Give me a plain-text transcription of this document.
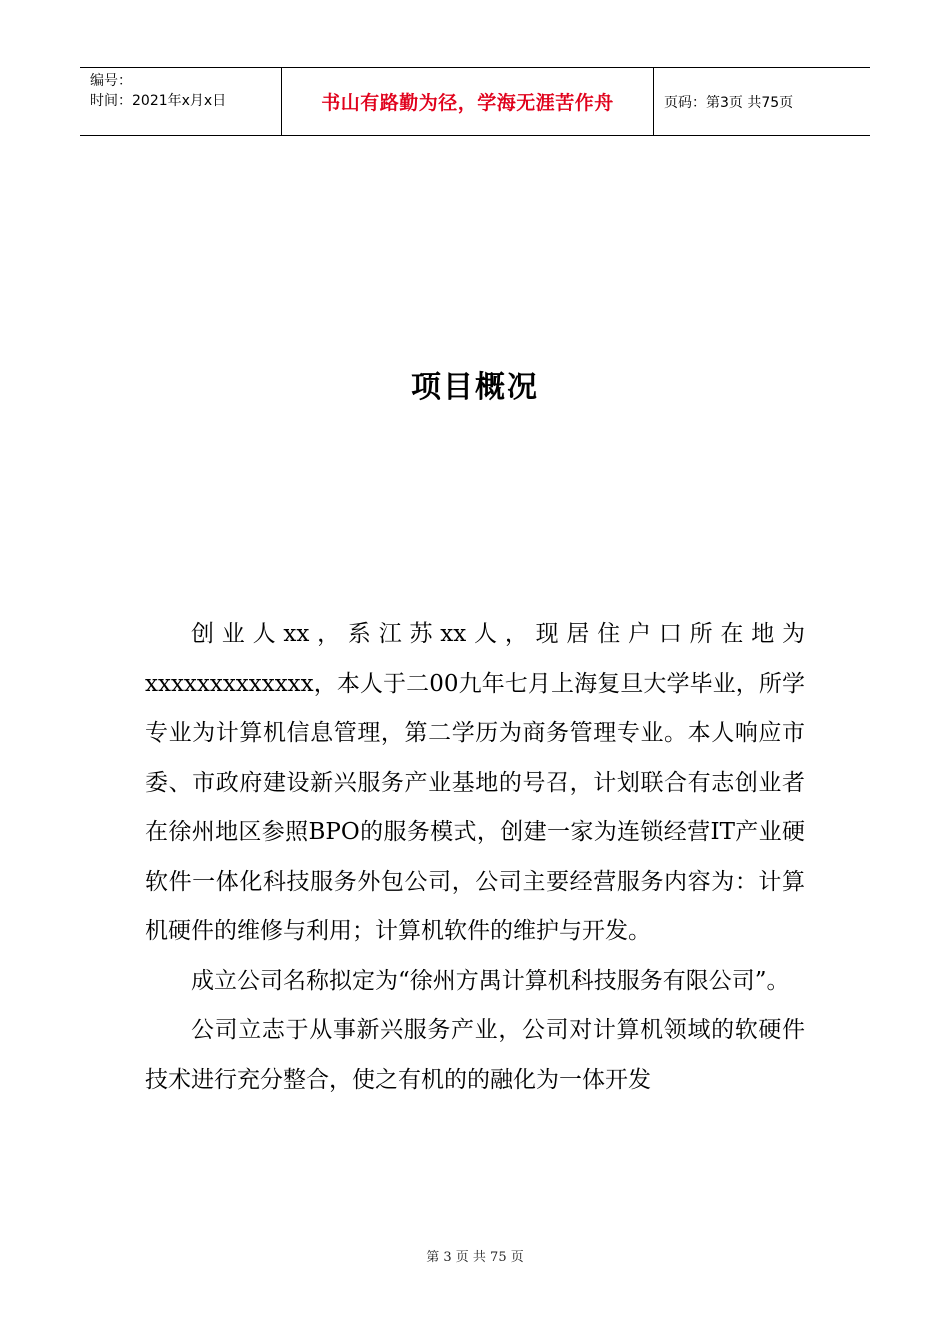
编号：
时间：2021年x月x日	书山有路勤为径，学海无涯苦作舟	页码：第3页 共75页
项目概况

创业人xx，系江苏xx人，现居住户口所在地为xxxxxxxxxxxxx，本人于二00九年七月上海复旦大学毕业，所学专业为计算机信息管理，第二学历为商务管理专业。本人响应市委、市政府建设新兴服务产业基地的号召，计划联合有志创业者在徐州地区参照BPO的服务模式，创建一家为连锁经营IT产业硬软件一体化科技服务外包公司，公司主要经营服务内容为：计算机硬件的维修与利用；计算机软件的维护与开发。

成立公司名称拟定为“徐州方禺计算机科技服务有限公司”。

公司立志于从事新兴服务产业，公司对计算机领域的软硬件技术进行充分整合，使之有机的的融化为一体开发

第 3 页 共 75 页
